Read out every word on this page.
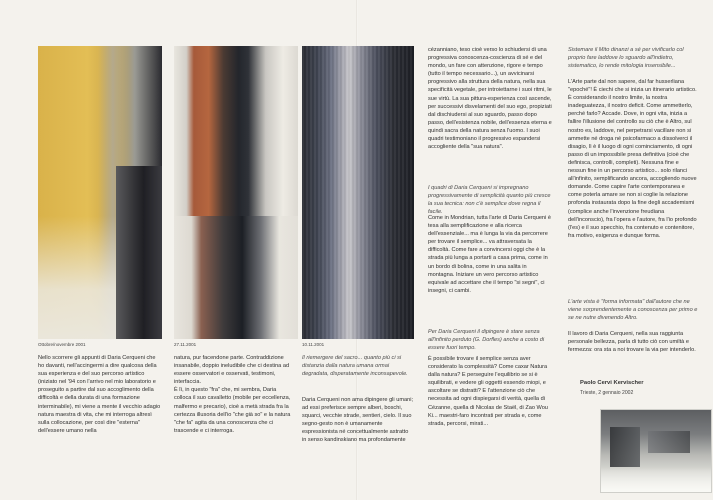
Ottobre/novembre 2001	27.11.2001	10.11.2001

Nello scorrere gli appunti di Daria Cerqueni che ho davanti, nell'accingermi a dire qualcosa della sua esperienza e del suo percorso artistico (iniziato nel '94 con l'arrivo nel mio laboratorio e proseguito a partire dal suo accoglimento della difficoltà e della durata di una formazione interminabile), mi viene a mente il vecchio adagio natura maestra di vita, che mi interroga altresì sulla collocazione, per così dire "esterna" dell'essere umano nella

natura, pur facendone parte. Contraddizione insanabile, doppio ineludibile che ci destina ad essere osservatori e osservati, testimoni, interfaccia.
È lì, in questo "fra" che, mi sembra, Daria colloca il suo cavalletto (mobile per eccellenza, malfermo e precario), cioè a metà strada fra la certezza illusoria dell'io "che già so" e la natura "che fa" agita da una conoscenza che ci trascende e ci interroga.

Il riemergere del sacro... quanto più ci si distanzia dalla natura umana ormai degradata, disperatamente inconsapevole.

Daria Cerqueni non ama dipingere gli umani; ad essi preferisce sempre alberi, boschi, squarci, vecchie strade, sentieri, cielo. Il suo segno-gesto non è umanamente espressionista né concettualmente astratto in senso kandinskiano ma profondamente

cézanniano, teso cioè verso lo schiudersi di una progressiva conoscenza-coscienza di sé e del mondo, un fare con attenzione, rigore e tempo (tutto il tempo necessario...), un avvicinarsi progressivo alla struttura della natura, nella sua specificità vegetale, per introiettarne i suoi ritmi, le sue virtù. La sua pittura-esperienza così ascende, per successivi disvelamenti del suo ego, propiziati dal dischiudersi al suo sguardo, passo dopo passo, dell'esistenza nobile, dell'essenza eterna e quindi sacra della natura senza l'uomo. I suoi quadri testimoniano il progressivo espandersi accogliente della "sua natura".

I quadri di Daria Cerqueni si impregnano progressivamente di semplicità quanto più cresce la sua tecnica: non c'è semplice dove regna il facile.

Come in Mondrian, tutta l'arte di Daria Cerqueni è tesa alla semplificazione e alla ricerca dell'essenziale... ma è lunga la via da percorrere per trovare il semplice... va attraversata la difficoltà. Come fare a convincersi oggi che è la strada più lunga a portarti a casa prima, come in un bordo di bolina, come in una salita in montagna. Iniziare un vero percorso artistico equivale ad accettare che il tempo "si segni", ci insegni, ci cambi.

Per Daria Cerqueni il dipingere è stare senza all'infinito perduto (G. Dorfles) anche a costo di essere fuori tempo.

È possibile trovare il semplice senza aver considerato la complessità? Come caxar Natura dalla natura? E perseguire l'equilibrio se si è squilibrati, e vedere gli oggetti essendo miopi, e ascoltare se distratti? E l'attenzione ciò che necessita ad ogni dispiegarsi di verità, quella di Cézanne, quella di Nicolas de Staël, di Zao Wou Ki... maestri-faro incontrati per strada e, come strada, percorsi, mirati...

Sistemare il Mito dinanzi a sé per vivificarlo col proprio fare laddove lo sguardo all'indietro, sistematico, lo rende mitologia insensibile...

L'Arte parte dal non sapere, dal far husserliana "epoché"! È ciechi che si inizia un itinerario artistico. È considerando il nostro limite, la nostra inadeguatezza, il nostro deficit. Come ammetterlo, perché farlo? Accade. Dove, in ogni vita, inizia a fallire l'illusione del controllo su ciò che è Altro, sul nostro es, laddove, nel perpetrarsi vacillare non si ammette né droga né psicofarmaco a dissolverci il disagio, lì è il luogo di ogni cominciamento, di ogni passo di un impossibile presa definitiva (cioè che definisca, controlli, completi). Nessuna fine e nessun fine in un percorso artistico... solo rilanci all'infinito, semplificando ancora, accogliendo nuove domande. Come capire l'arte contemporanea e come poterla amare se non si coglie la relazione profonda instaurata dopo la fine degli accademismi (complice anche l'invenzione freudiana dell'inconscio), fra l'opera e l'autore, fra l'io profondo (l'es) e il suo specchio, fra contenuto e contenitore, fra motivo, esigenza e dunque forma.

L'arte vista è "forma informata" dall'autore che ne viene sorprendentemente a conoscenza per primo e se ne nutre divenendo Altro.

Il lavoro di Daria Cerqueni, nella sua raggiunta personale bellezza, parla di tutto ciò con umiltà e fermezza: ora sta a noi trovare la via per intenderlo.

Paolo Cervi Kervischer
Trieste, 2 gennaio 2002
